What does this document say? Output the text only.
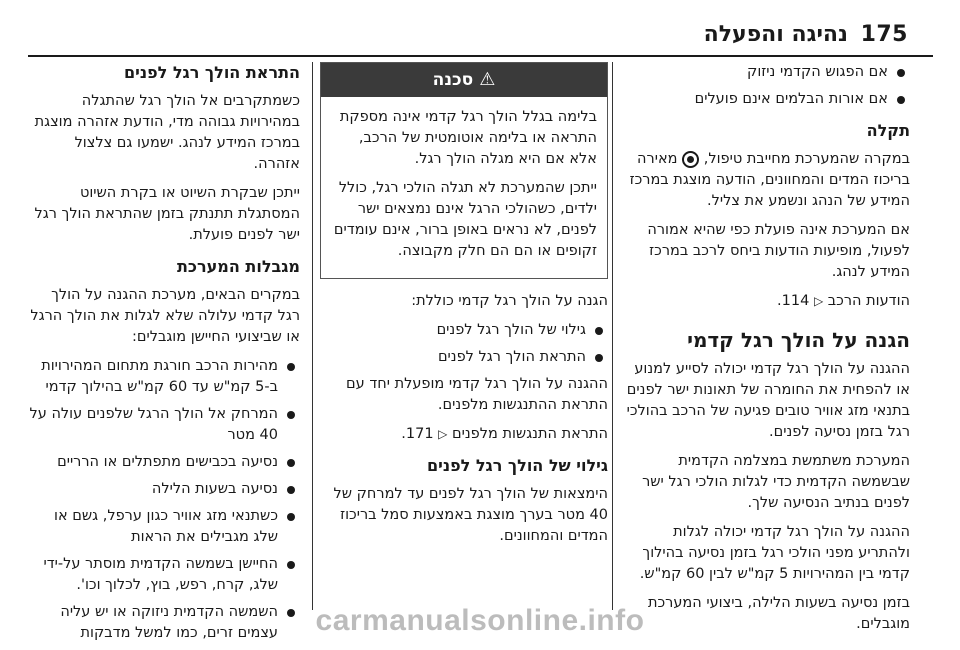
175
נהיגה והפעלה
אם הפגוש הקדמי ניזוק
אם אורות הבלמים אינם פועלים
תקלה

במקרה שהמערכת מחייבת טיפול,  מאירה בריכוז המדים והמחוונים, הודעה מוצגת במרכז המידע של הנהג ונשמע את צליל.

אם המערכת אינה פועלת כפי שהיא אמורה לפעול, מופיעות הודעות ביחס לרכב במרכז המידע לנהג.

הודעות הרכב ▷ 114.

הגנה על הולך רגל קדמי

ההגנה על הולך רגל קדמי יכולה לסייע למנוע או להפחית את החומרה של תאונות ישר לפנים בתנאי מזג אוויר טובים פגיעה של הרכב בהולכי רגל בזמן נסיעה לפנים.

המערכת משתמשת במצלמה הקדמית שבשמשה הקדמית כדי לגלות הולכי רגל ישר לפנים בנתיב הנסיעה שלך.

ההגנה על הולך רגל קדמי יכולה לגלות ולהתריע מפני הולכי רגל בזמן נסיעה בהילוך קדמי בין המהירויות 5 קמ"ש לבין 60 קמ"ש.

בזמן נסיעה בשעות הלילה, ביצועי המערכת מוגבלים.

⚠סכנה

בלימה בגלל הולך רגל קדמי אינה מספקת התראה או בלימה אוטומטית של הרכב, אלא אם היא מגלה הולך רגל.

ייתכן שהמערכת לא תגלה הולכי רגל, כולל ילדים, כשהולכי הרגל אינם נמצאים ישר לפנים, לא נראים באופן ברור, אינם עומדים זקופים או הם הם חלק מקבוצה.

הגנה על הולך רגל קדמי כוללת:

גילוי של הולך רגל לפנים
התראת הולך רגל לפנים

ההגנה על הולך רגל קדמי מופעלת יחד עם התראת ההתנגשות מלפנים.

התראת התנגשות מלפנים ▷ 171.

גילוי של הולך רגל לפנים

הימצאות של הולך רגל לפנים עד למרחק של 40 מטר בערך מוצגת באמצעות סמל בריכוז המדים והמחוונים.

התראת הולך רגל לפנים

כשמתקרבים אל הולך רגל שהתגלה במהירויות גבוהה מדי, הודעת אזהרה מוצגת במרכז המידע לנהג. ישמעו גם צלצול אזהרה.

ייתכן שבקרת השיוט או בקרת השיוט המסתגלת תתנתק בזמן שהתראת הולך רגל ישר לפנים פועלת.

מגבלות המערכת

במקרים הבאים, מערכת ההגנה על הולך רגל קדמי עלולה שלא לגלות את הולך הרגל או שביצועי החיישן מוגבלים:

מהירות הרכב חורגת מתחום המהירויות ב-5 קמ"ש עד 60 קמ"ש בהילוך קדמי
המרחק אל הולך הרגל שלפנים עולה על 40 מטר
נסיעה בכבישים מתפתלים או הרריים
נסיעה בשעות הלילה
כשתנאי מזג אוויר כגון ערפל, גשם או שלג מגבילים את הראות
החיישן בשמשה הקדמית מוסתר על-ידי שלג, קרח, רפש, בוץ, לכלוך וכו'.
השמשה הקדמית ניזוקה או יש עליה עצמים זרים, כמו למשל מדבקות	carmanualsonline.info
